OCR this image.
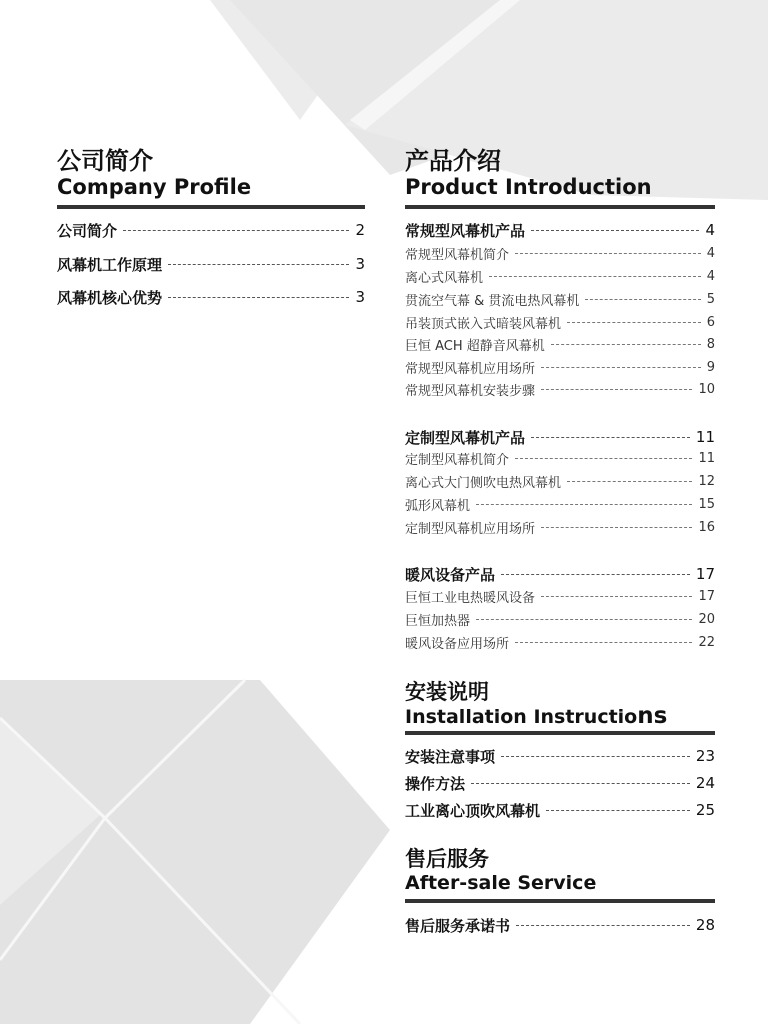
公司简介
Company Profile
公司简介	2
风幕机工作原理	3
风幕机核心优势	3
产品介绍
Product Introduction
常规型风幕机产品	4
常规型风幕机简介	4
离心式风幕机	4
贯流空气幕 & 贯流电热风幕机	5
吊装顶式嵌入式暗装风幕机	6
巨恒 ACH 超静音风幕机	8
常规型风幕机应用场所	9
常规型风幕机安装步骤	10
定制型风幕机产品	11
定制型风幕机简介	11
离心式大门侧吹电热风幕机	12
弧形风幕机	15
定制型风幕机应用场所	16
暖风设备产品	17
巨恒工业电热暖风设备	17
巨恒加热器	20
暖风设备应用场所	22
安装说明
Installation Instructions
安装注意事项	23
操作方法	24
工业离心顶吹风幕机	25
售后服务
After-sale Service
售后服务承诺书	28
